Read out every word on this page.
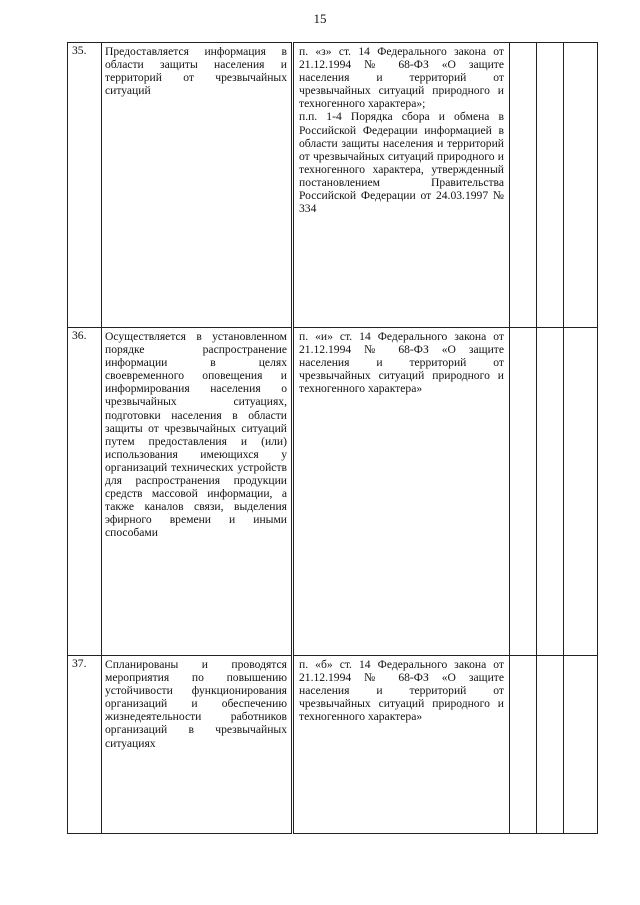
15
35.	Предоставляется информация в области защиты населения и территорий от чрезвычайных ситуаций	п. «з» ст. 14 Федерального закона от 21.12.1994 № 68-ФЗ «О защите населения и территорий от чрезвычайных ситуаций природного и техногенного характера»;
п.п. 1-4 Порядка сбора и обмена в Российской Федерации информацией в области защиты населения и территорий от чрезвычайных ситуаций природного и техногенного характера, утвержденный постановлением Правительства Российской Федерации от 24.03.1997 № 334			

36.	Осуществляется в установленном порядке распространение информации в целях своевременного оповещения и информирования населения о чрезвычайных ситуациях, подготовки населения в области защиты от чрезвычайных ситуаций путем предоставления и (или) использования имеющихся у организаций технических устройств для распространения продукции средств массовой информации, а также каналов связи, выделения эфирного времени и иными способами	п. «и» ст. 14 Федерального закона от 21.12.1994 № 68-ФЗ «О защите населения и территорий от чрезвычайных ситуаций природного и техногенного характера»			

37.	Спланированы и проводятся мероприятия по повышению устойчивости функционирования организаций и обеспечению жизнедеятельности работников организаций в чрезвычайных ситуациях	п. «б» ст. 14 Федерального закона от 21.12.1994 № 68-ФЗ «О защите населения и территорий от чрезвычайных ситуаций природного и техногенного характера»			
